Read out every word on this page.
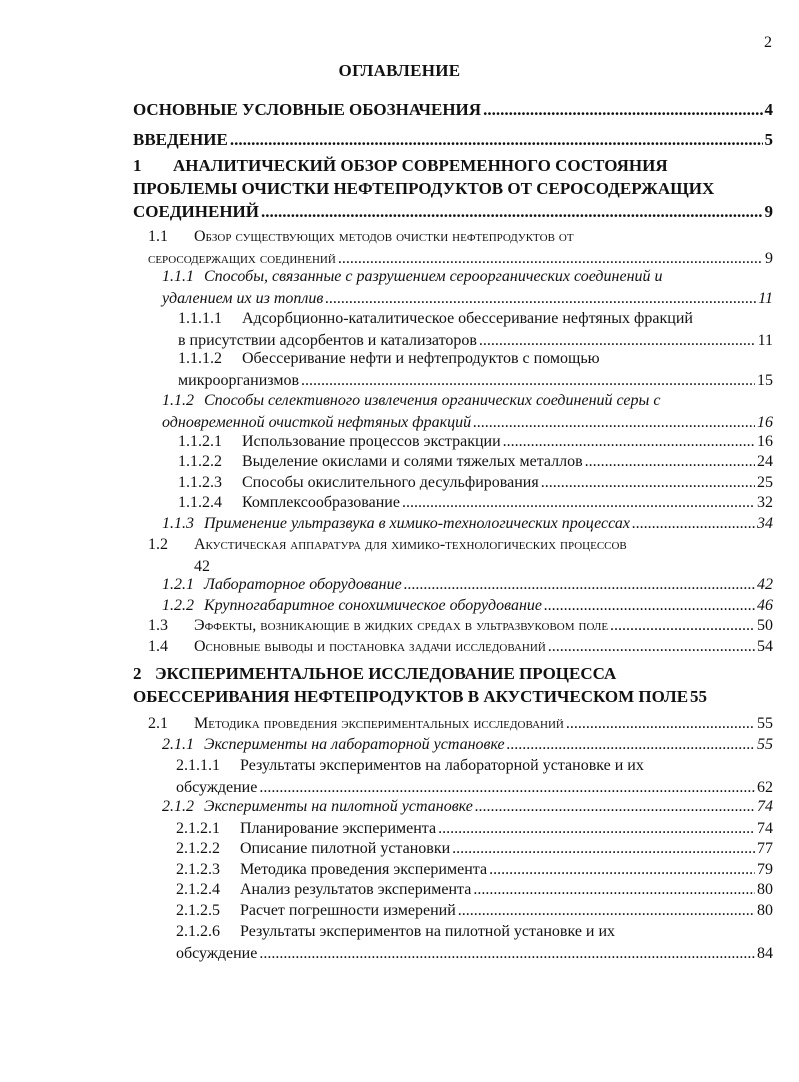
2
ОГЛАВЛЕНИЕ
ОСНОВНЫЕ УСЛОВНЫЕ ОБОЗНАЧЕНИЯ .....	4
ВВЕДЕНИЕ .....	5
1	АНАЛИТИЧЕСКИЙ ОБЗОР СОВРЕМЕННОГО СОСТОЯНИЯ
ПРОБЛЕМЫ ОЧИСТКИ НЕФТЕПРОДУКТОВ ОТ СЕРОСОДЕРЖАЩИХ
СОЕДИНЕНИЙ .....	9
1.1	Обзор существующих методов очистки нефтепродуктов от
серосодержащих соединений .....	9
1.1.1 Способы, связанные с разрушением сероорганических соединений и
удалением их из топлив .....	11
1.1.1.1	Адсорбционно-каталитическое обессеривание нефтяных фракций
в присутствии адсорбентов и катализаторов .....	11
1.1.1.2	Обессеривание нефти и нефтепродуктов с помощью
микроорганизмов .....	15
1.1.2 Способы селективного извлечения органических соединений серы с
одновременной очисткой нефтяных фракций .....	16
1.1.2.1	Использование процессов экстракции .....	16
1.1.2.2	Выделение окислами и солями тяжелых металлов .....	24
1.1.2.3	Способы окислительного десульфирования .....	25
1.1.2.4	Комплексообразование .....	32
1.1.3 Применение ультразвука в химико-технологических процессах .....	34
1.2	Акустическая аппаратура для химико-технологических процессов
42
1.2.1 Лабораторное оборудование .....	42
1.2.2 Крупногабаритное сонохимическое оборудование .....	46
1.3	Эффекты, возникающие в жидких средах в ультразвуковом поле .....	50
1.4	Основные выводы и постановка задачи исследований .....	54
2 ЭКСПЕРИМЕНТАЛЬНОЕ ИССЛЕДОВАНИЕ ПРОЦЕССА
ОБЕССЕРИВАНИЯ НЕФТЕПРОДУКТОВ В АКУСТИЧЕСКОМ ПОЛЕ 55
2.1	Методика проведения экспериментальных исследований .....	55
2.1.1 Эксперименты на лабораторной установке .....	55
2.1.1.1	Результаты экспериментов на лабораторной установке и их
обсуждение .....	62
2.1.2 Эксперименты на пилотной установке .....	74
2.1.2.1	Планирование эксперимента .....	74
2.1.2.2	Описание пилотной установки .....	77
2.1.2.3	Методика проведения эксперимента .....	79
2.1.2.4	Анализ результатов эксперимента .....	80
2.1.2.5	Расчет погрешности измерений .....	80
2.1.2.6	Результаты экспериментов на пилотной установке и их
обсуждение .....	84
